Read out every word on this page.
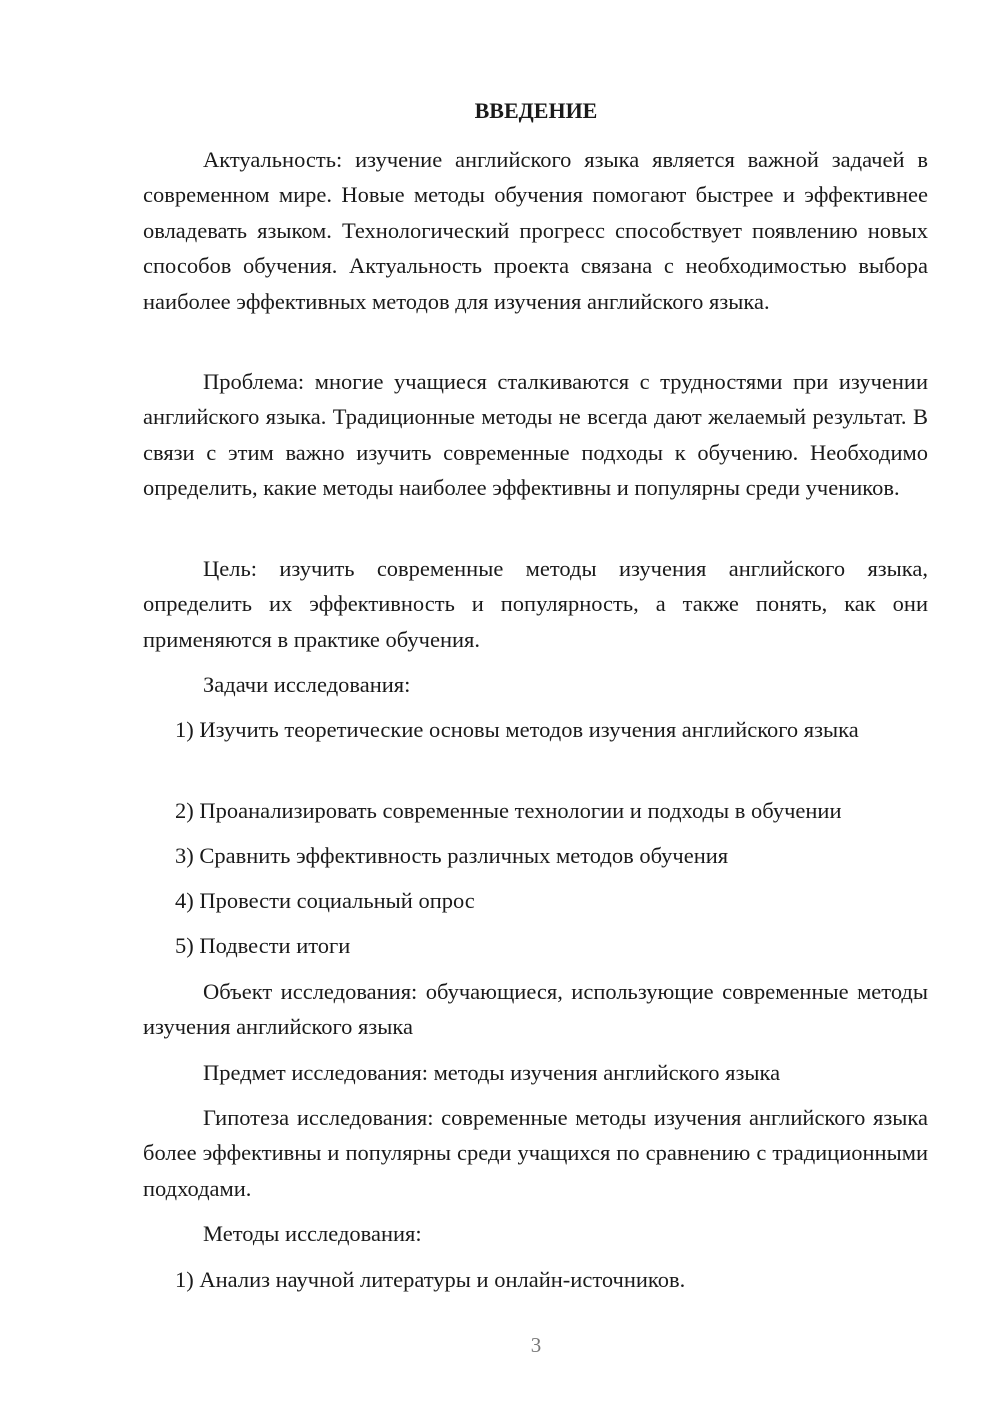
ВВЕДЕНИЕ

Актуальность: изучение английского языка является важной задачей в современном мире. Новые методы обучения помогают быстрее и эффективнее овладевать языком. Технологический прогресс способствует появлению новых способов обучения. Актуальность проекта связана с необходимостью выбора наиболее эффективных методов для изучения английского языка.

Проблема: многие учащиеся сталкиваются с трудностями при изучении английского языка. Традиционные методы не всегда дают желаемый результат. В связи с этим важно изучить современные подходы к обучению. Необходимо определить, какие методы наиболее эффективны и популярны среди учеников.

Цель: изучить современные методы изучения английского языка, определить их эффективность и популярность, а также понять, как они применяются в практике обучения.

Задачи исследования:

1) Изучить теоретические основы методов изучения английского языка

2) Проанализировать современные технологии и подходы в обучении

3) Сравнить эффективность различных методов обучения

4) Провести социальный опрос

5) Подвести итоги

Объект исследования: обучающиеся, использующие современные методы изучения английского языка

Предмет исследования: методы изучения английского языка

Гипотеза исследования: современные методы изучения английского языка более эффективны и популярны среди учащихся по сравнению с традиционными подходами.

Методы исследования:

1) Анализ научной литературы и онлайн-источников.

3
